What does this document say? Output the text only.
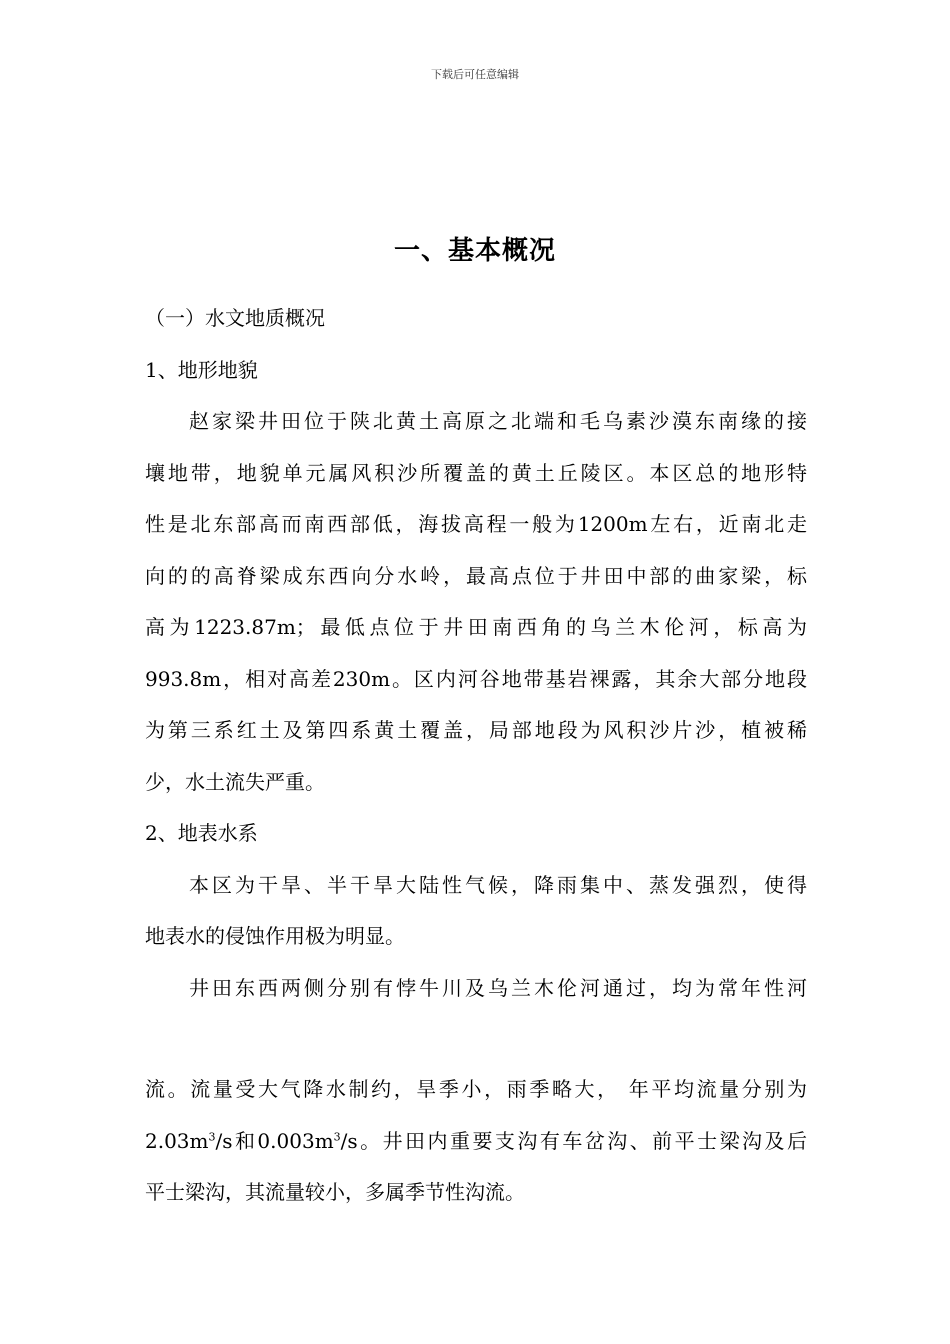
下载后可任意编辑
一、基本概况
（一）水文地质概况
1、地形地貌
赵家梁井田位于陕北黄土高原之北端和毛乌素沙漠东南缘的接
壤地带，地貌单元属风积沙所覆盖的黄土丘陵区。本区总的地形特
性是北东部高而南西部低，海拔高程一般为1200m左右，近南北走
向的的高脊梁成东西向分水岭，最高点位于井田中部的曲家梁，标
高为1223.87m；最低点位于井田南西角的乌兰木伦河，标高为
993.8m，相对高差230m。区内河谷地带基岩裸露，其余大部分地段
为第三系红土及第四系黄土覆盖，局部地段为风积沙片沙，植被稀
少，水土流失严重。
2、地表水系
本区为干旱、半干旱大陆性气候，降雨集中、蒸发强烈，使得
地表水的侵蚀作用极为明显。
井田东西两侧分别有悖牛川及乌兰木伦河通过，均为常年性河
流。流量受大气降水制约，旱季小，雨季略大， 年平均流量分别为
$2.03m^3/s$和$0.003m^3/s$。井田内重要支沟有车岔沟、前平士梁沟及后
平士梁沟，其流量较小，多属季节性沟流。
